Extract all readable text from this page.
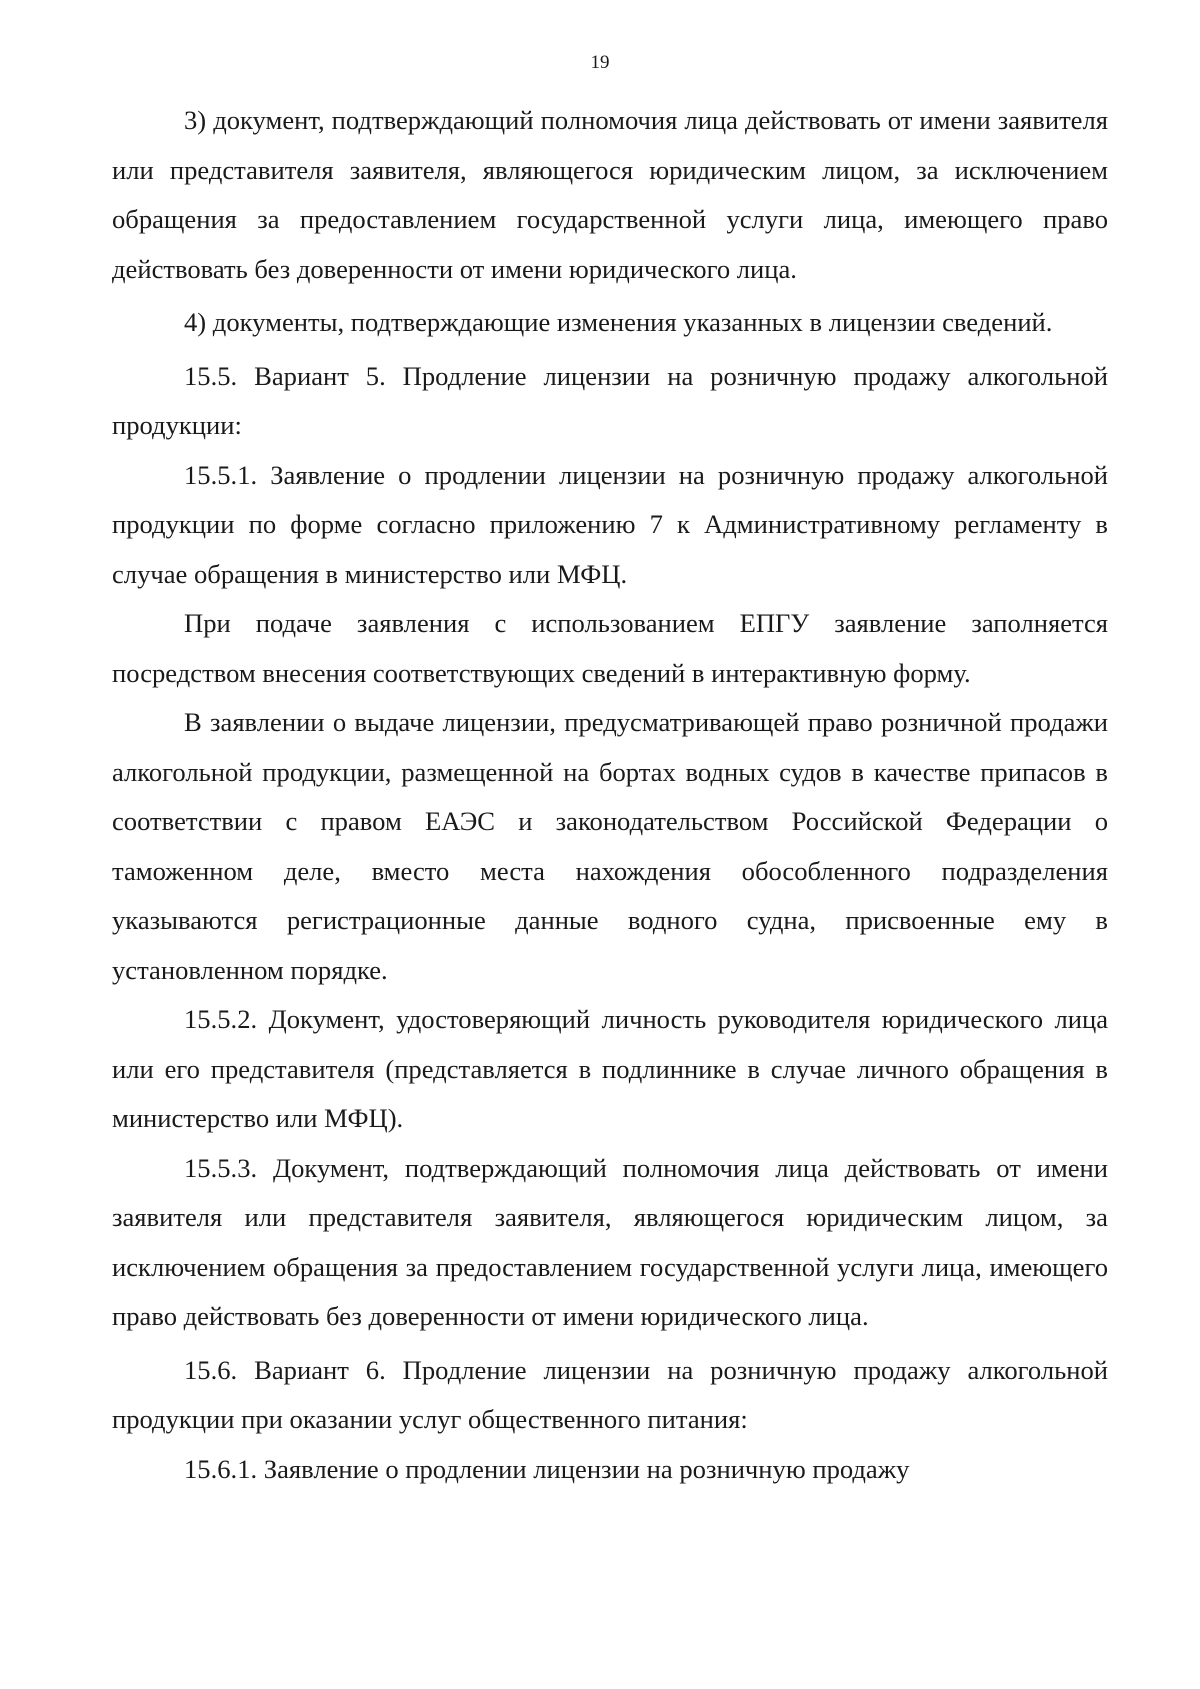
19

3) документ, подтверждающий полномочия лица действовать от имени заявителя или представителя заявителя, являющегося юридическим лицом, за исключением обращения за предоставлением государственной услуги лица, имеющего право действовать без доверенности от имени юридического лица.

4) документы, подтверждающие изменения указанных в лицензии сведений.

15.5. Вариант 5. Продление лицензии на розничную продажу алкогольной продукции:

15.5.1. Заявление о продлении лицензии на розничную продажу алкогольной продукции по форме согласно приложению 7 к Административному регламенту в случае обращения в министерство или МФЦ.

При подаче заявления с использованием ЕПГУ заявление заполняется посредством внесения соответствующих сведений в интерактивную форму.

В заявлении о выдаче лицензии, предусматривающей право розничной продажи алкогольной продукции, размещенной на бортах водных судов в качестве припасов в соответствии с правом ЕАЭС и законодательством Российской Федерации о таможенном деле, вместо места нахождения обособленного подразделения указываются регистрационные данные водного судна, присвоенные ему в установленном порядке.

15.5.2. Документ, удостоверяющий личность руководителя юридического лица или его представителя (представляется в подлиннике в случае личного обращения в министерство или МФЦ).

15.5.3. Документ, подтверждающий полномочия лица действовать от имени заявителя или представителя заявителя, являющегося юридическим лицом, за исключением обращения за предоставлением государственной услуги лица, имеющего право действовать без доверенности от имени юридического лица.

15.6. Вариант 6. Продление лицензии на розничную продажу алкогольной продукции при оказании услуг общественного питания:

15.6.1. Заявление о продлении лицензии на розничную продажу
